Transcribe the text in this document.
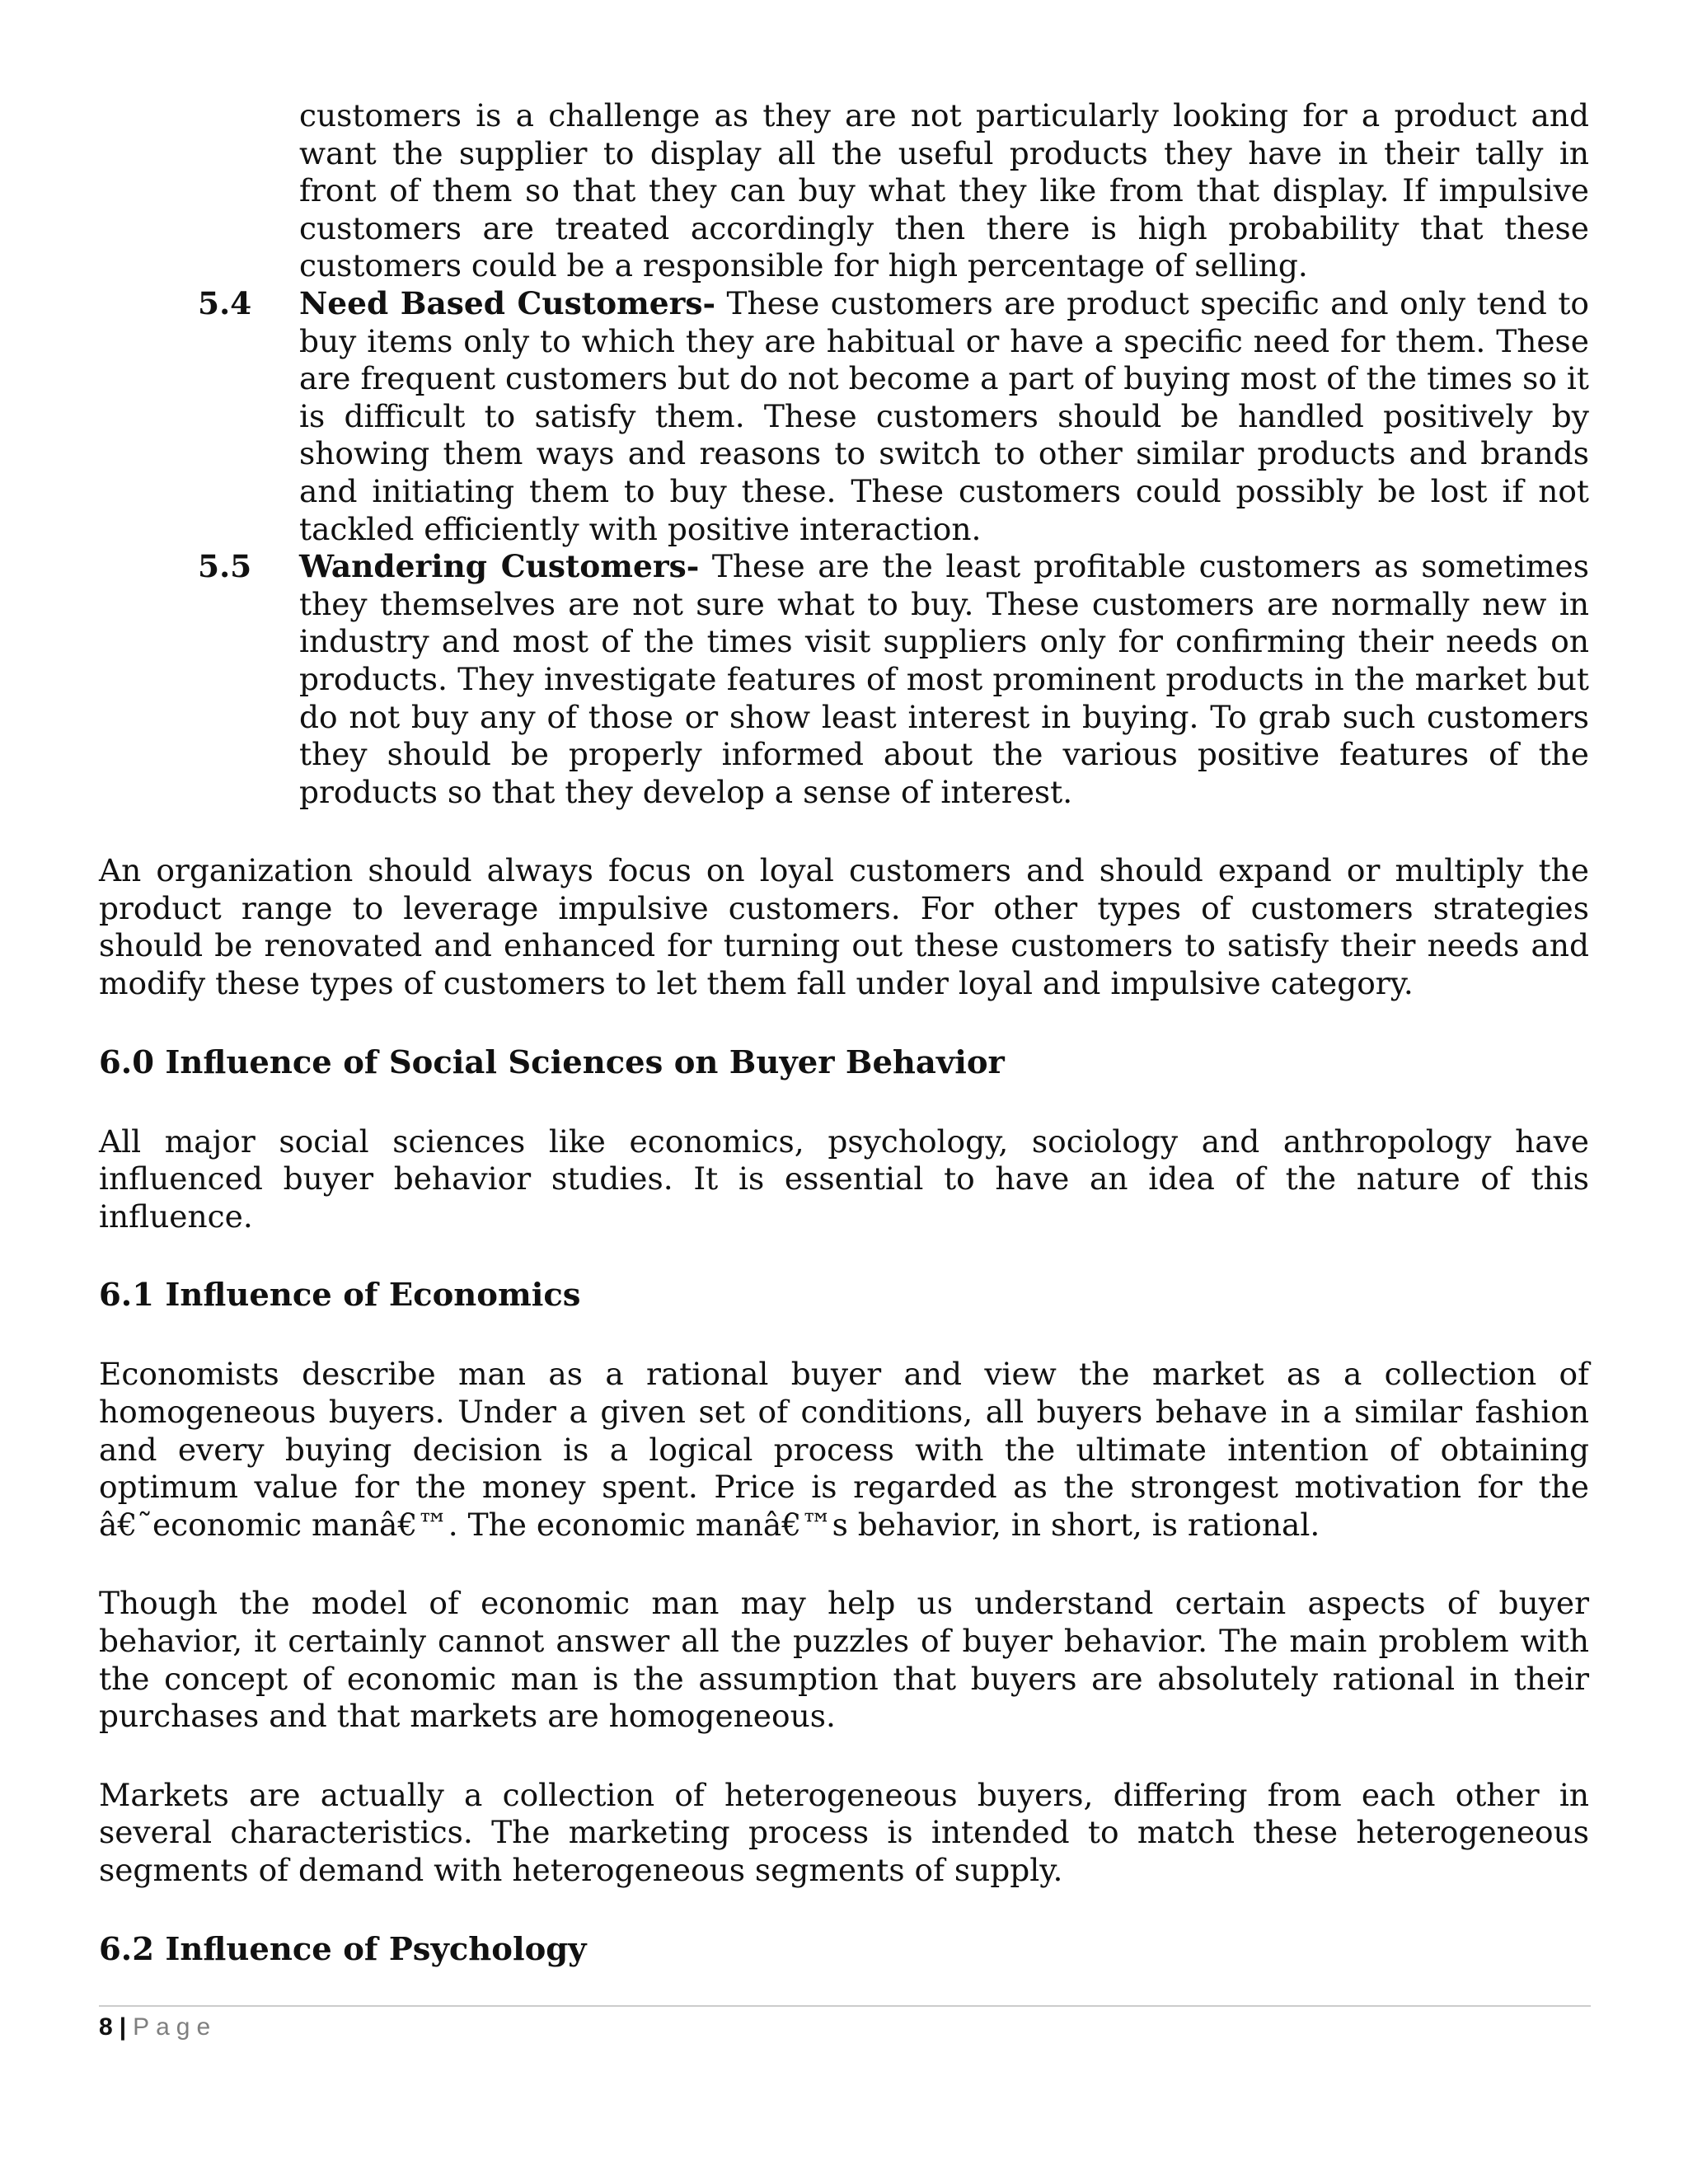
customers is a challenge as they are not particularly looking for a product and want the supplier to display all the useful products they have in their tally in front of them so that they can buy what they like from that display. If impulsive customers are treated accordingly then there is high probability that these customers could be a responsible for high percentage of selling.
5.4 Need Based Customers- These customers are product specific and only tend to buy items only to which they are habitual or have a specific need for them. These are frequent customers but do not become a part of buying most of the times so it is difficult to satisfy them. These customers should be handled positively by showing them ways and reasons to switch to other similar products and brands and initiating them to buy these. These customers could possibly be lost if not tackled efficiently with positive interaction.
5.5 Wandering Customers- These are the least profitable customers as sometimes they themselves are not sure what to buy. These customers are normally new in industry and most of the times visit suppliers only for confirming their needs on products. They investigate features of most prominent products in the market but do not buy any of those or show least interest in buying. To grab such customers they should be properly informed about the various positive features of the products so that they develop a sense of interest.

An organization should always focus on loyal customers and should expand or multiply the product range to leverage impulsive customers. For other types of customers strategies should be renovated and enhanced for turning out these customers to satisfy their needs and modify these types of customers to let them fall under loyal and impulsive category.

6.0 Influence of Social Sciences on Buyer Behavior

All major social sciences like economics, psychology, sociology and anthropology have influenced buyer behavior studies. It is essential to have an idea of the nature of this influence.

6.1 Influence of Economics

Economists describe man as a rational buyer and view the market as a collection of homogeneous buyers. Under a given set of conditions, all buyers behave in a similar fashion and every buying decision is a logical process with the ultimate intention of obtaining optimum value for the money spent. Price is regarded as the strongest motivation for the â€˜economic manâ€™. The economic manâ€™s behavior, in short, is rational.

Though the model of economic man may help us understand certain aspects of buyer behavior, it certainly cannot answer all the puzzles of buyer behavior. The main problem with the concept of economic man is the assumption that buyers are absolutely rational in their purchases and that markets are homogeneous.

Markets are actually a collection of heterogeneous buyers, differing from each other in several characteristics. The marketing process is intended to match these heterogeneous segments of demand with heterogeneous segments of supply.

6.2 Influence of Psychology
8 | Page
